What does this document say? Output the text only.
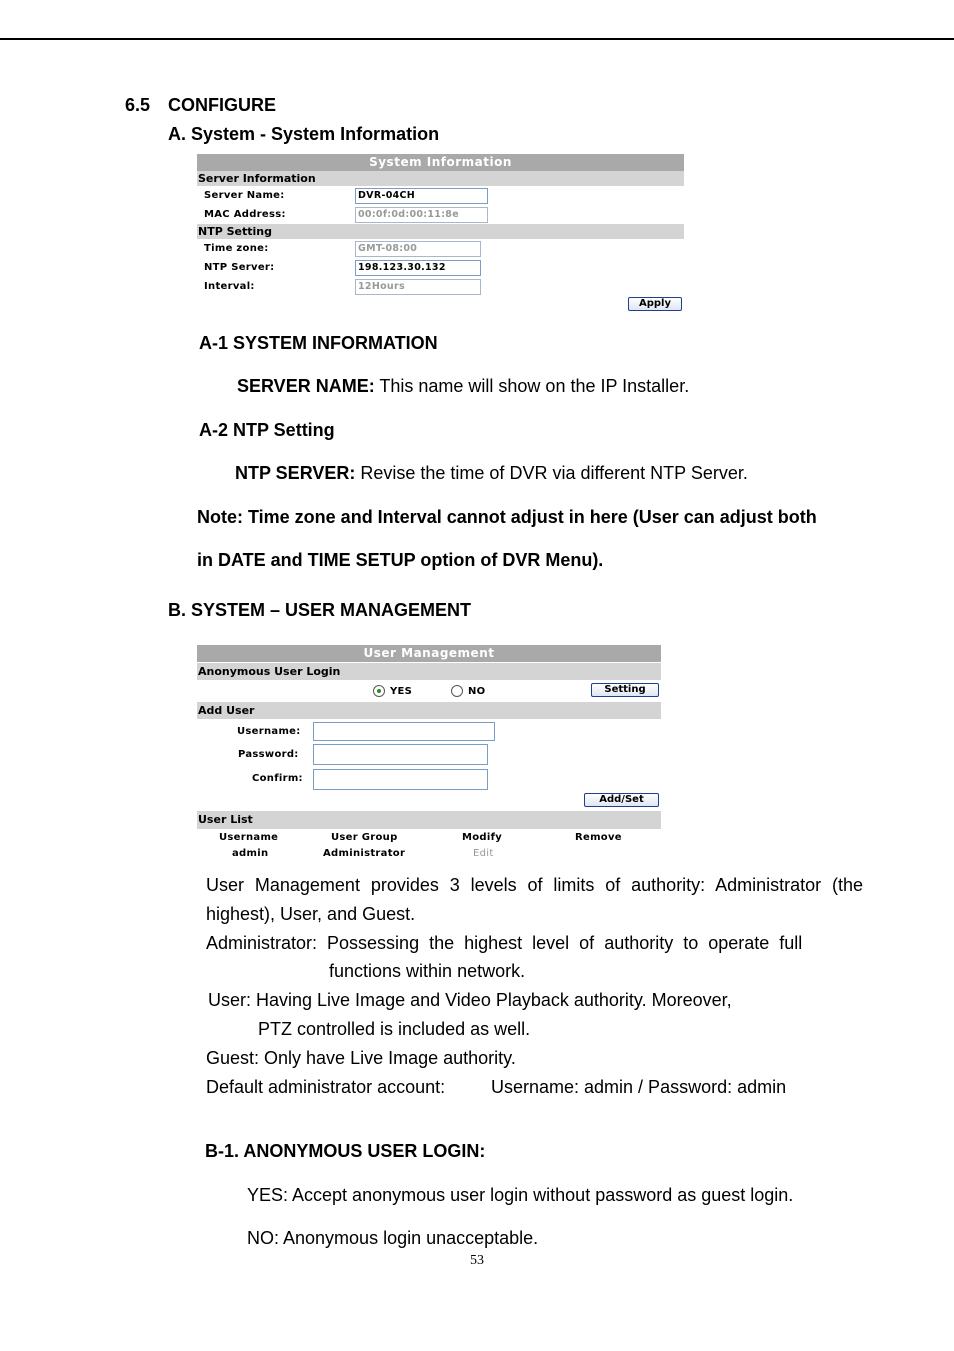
6.5 CONFIGURE
A. System - System Information
System Information
Server Information
Server Name:	DVR-04CH
MAC Address:	00:0f:0d:00:11:8e
NTP Setting
Time zone:	GMT-08:00
NTP Server:	198.123.30.132
Interval:	12Hours
Apply
A-1 SYSTEM INFORMATION
SERVER NAME: This name will show on the IP Installer.
A-2 NTP Setting
NTP SERVER: Revise the time of DVR via different NTP Server.
Note: Time zone and Interval cannot adjust in here (User can adjust both
in DATE and TIME SETUP option of DVR Menu).
B. SYSTEM – USER MANAGEMENT
User Management
Anonymous User Login
YES	NO	Setting
Add User
Username:
Password:
Confirm:
Add/Set
User List
Username	User Group	Modify	Remove
admin	Administrator	Edit
User Management provides 3 levels of limits of authority: Administrator (the
highest), User, and Guest.
Administrator:  Possessing  the  highest  level  of  authority  to  operate  full
functions within network.
User: Having Live Image and Video Playback authority. Moreover,
PTZ controlled is included as well.
Guest: Only have Live Image authority.
Default administrator account:	Username: admin / Password: admin
B-1. ANONYMOUS USER LOGIN:
YES: Accept anonymous user login without password as guest login.
NO: Anonymous login unacceptable.
53
